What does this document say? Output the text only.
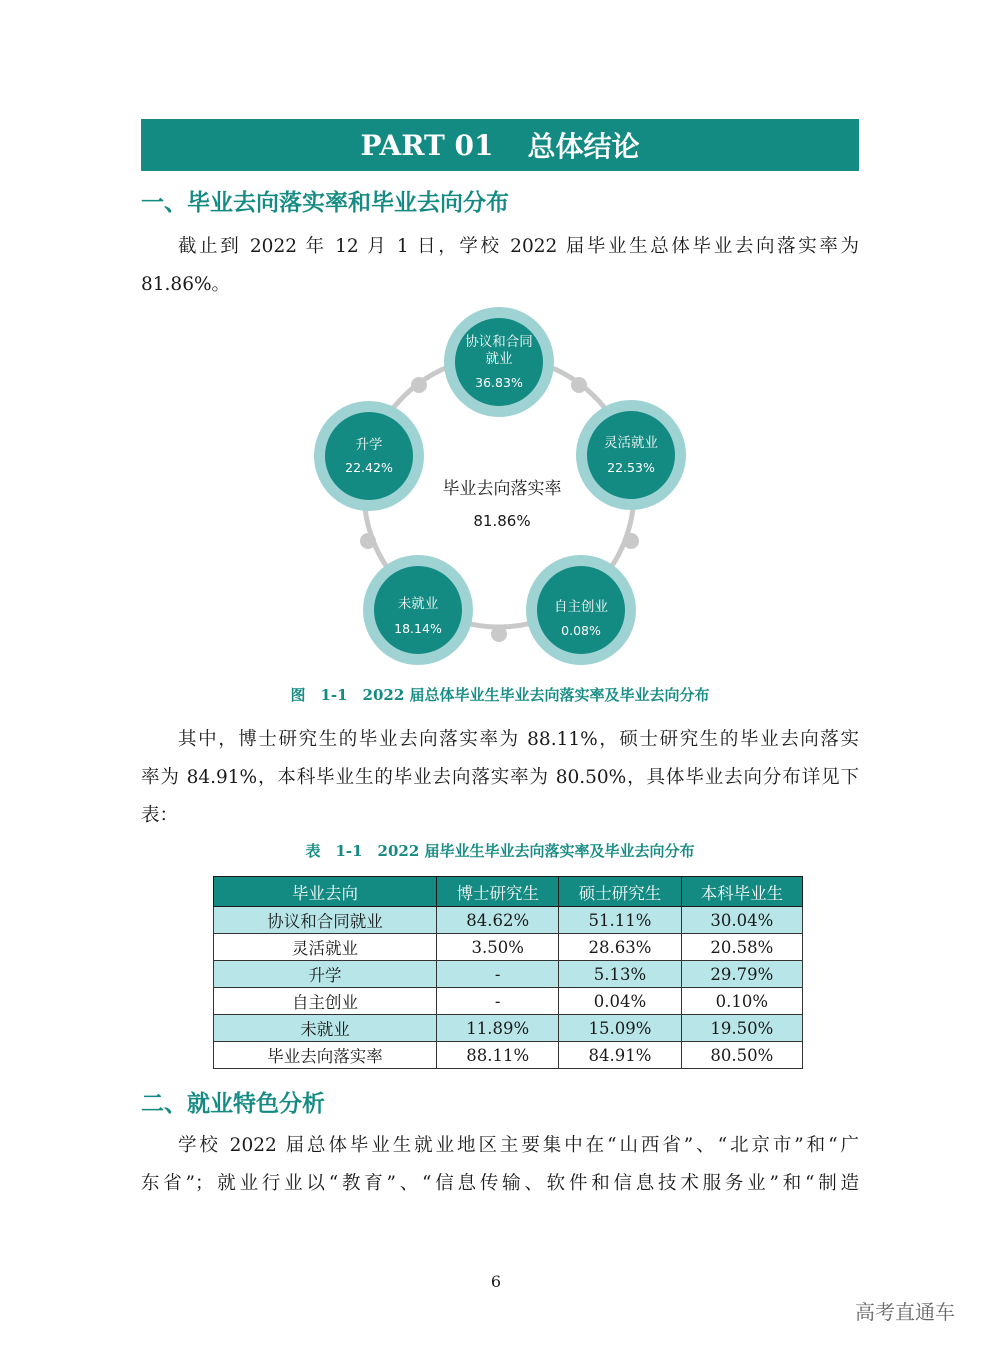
PART 01 总体结论
一、毕业去向落实率和毕业去向分布
截止到 2022 年 12 月 1 日，学校 2022 届毕业生总体毕业去向落实率为
81.86%。
毕业去向落实率
81.86%
协议和合同
就业
36.83%
灵活就业
22.53%
自主创业
0.08%
未就业
18.14%
升学
22.42%
图　1-1　2022 届总体毕业生毕业去向落实率及毕业去向分布
其中，博士研究生的毕业去向落实率为 88.11%，硕士研究生的毕业去向落实
率为 84.91%，本科毕业生的毕业去向落实率为 80.50%，具体毕业去向分布详见下
表：
表　1-1　2022 届毕业生毕业去向落实率及毕业去向分布
毕业去向	博士研究生	硕士研究生	本科毕业生
协议和合同就业	84.62%	51.11%	30.04%
灵活就业	3.50%	28.63%	20.58%
升学	-	5.13%	29.79%
自主创业	-	0.04%	0.10%
未就业	11.89%	15.09%	19.50%
毕业去向落实率	88.11%	84.91%	80.50%
二、就业特色分析
学校 2022 届总体毕业生就业地区主要集中在“山西省”、“北京市”和“广
东省”；就业行业以“教育”、“信息传输、软件和信息技术服务业”和“制造
6
高考直通车
